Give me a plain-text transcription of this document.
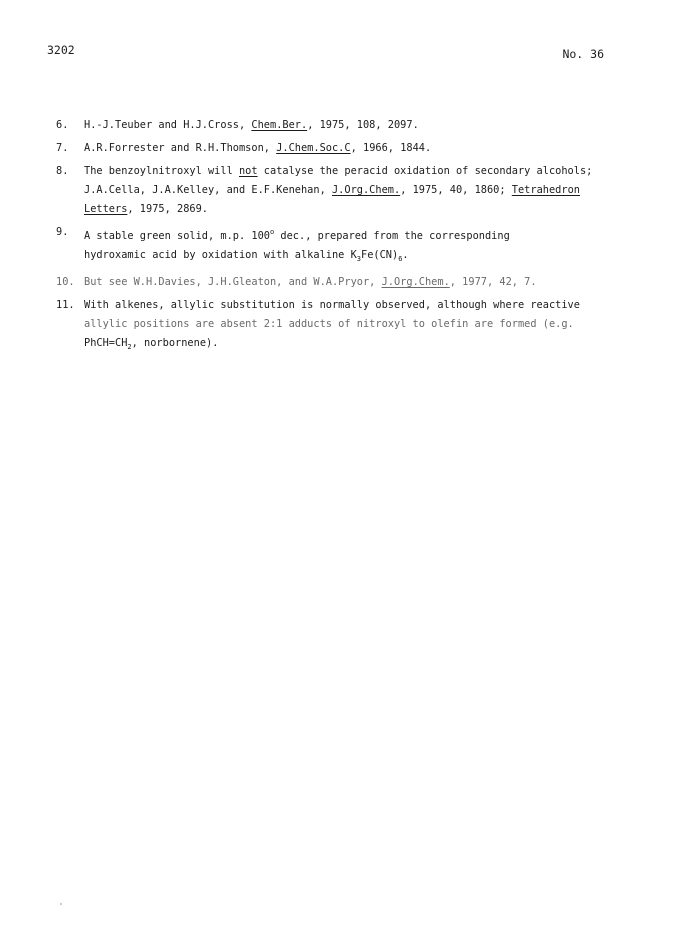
3202	No. 36
6. H.-J.Teuber and H.J.Cross, Chem.Ber., 1975, 108, 2097.
7. A.R.Forrester and R.H.Thomson, J.Chem.Soc.C, 1966, 1844.
8. The benzoylnitroxyl will not catalyse the peracid oxidation of secondary alcohols;
J.A.Cella, J.A.Kelley, and E.F.Kenehan, J.Org.Chem., 1975, 40, 1860; Tetrahedron
Letters, 1975, 2869.
9. A stable green solid, m.p. 100$^o$ dec., prepared from the corresponding
hydroxamic acid by oxidation with alkaline $K_3Fe(CN)_6$.
10. But see W.H.Davies, J.H.Gleaton, and W.A.Pryor, J.Org.Chem., 1977, 42, 7.
11. With alkenes, allylic substitution is normally observed, although where reactive
allylic positions are absent 2:1 adducts of nitroxyl to olefin are formed (e.g.
$PhCH=CH_2$, norbornene).
